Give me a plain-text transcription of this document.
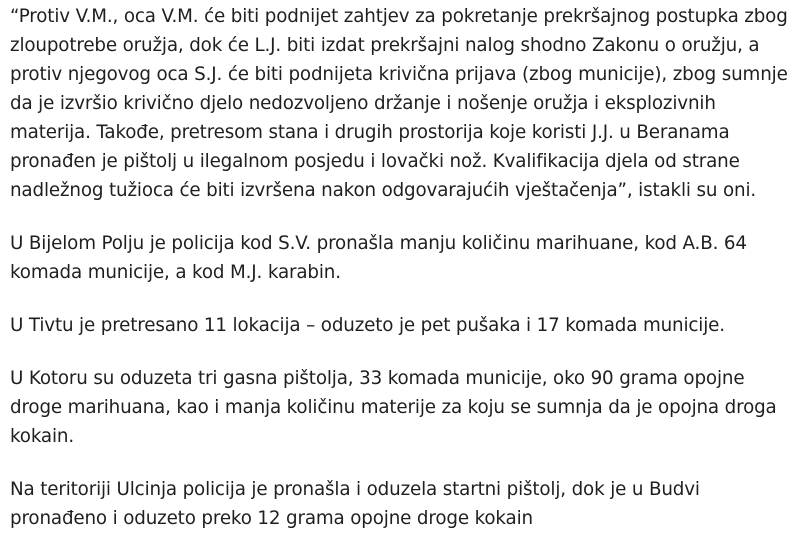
“Protiv V.M., oca V.M. će biti podnijet zahtjev za pokretanje prekršajnog postupka zbog zloupotrebe oružja, dok će L.J. biti izdat prekršajni nalog shodno Zakonu o oružju, a protiv njegovog oca S.J. će biti podnijeta krivična prijava (zbog municije), zbog sumnje da je izvršio krivično djelo nedozvoljeno držanje i nošenje oružja i eksplozivnih materija. Takođe, pretresom stana i drugih prostorija koje koristi J.J. u Beranama pronađen je pištolj u ilegalnom posjedu i lovački nož. Kvalifikacija djela od strane nadležnog tužioca će biti izvršena nakon odgovarajućih vještačenja”, istakli su oni.

U Bijelom Polju je policija kod S.V. pronašla manju količinu marihuane, kod A.B. 64 komada municije, a kod M.J. karabin.

U Tivtu je pretresano 11 lokacija – oduzeto je pet pušaka i 17 komada municije.

U Kotoru su oduzeta tri gasna pištolja, 33 komada municije, oko 90 grama opojne droge marihuana, kao i manja količinu materije za koju se sumnja da je opojna droga kokain.

Na teritoriji Ulcinja policija je pronašla i oduzela startni pištolj, dok je u Budvi pronađeno i oduzeto preko 12 grama opojne droge kokain
